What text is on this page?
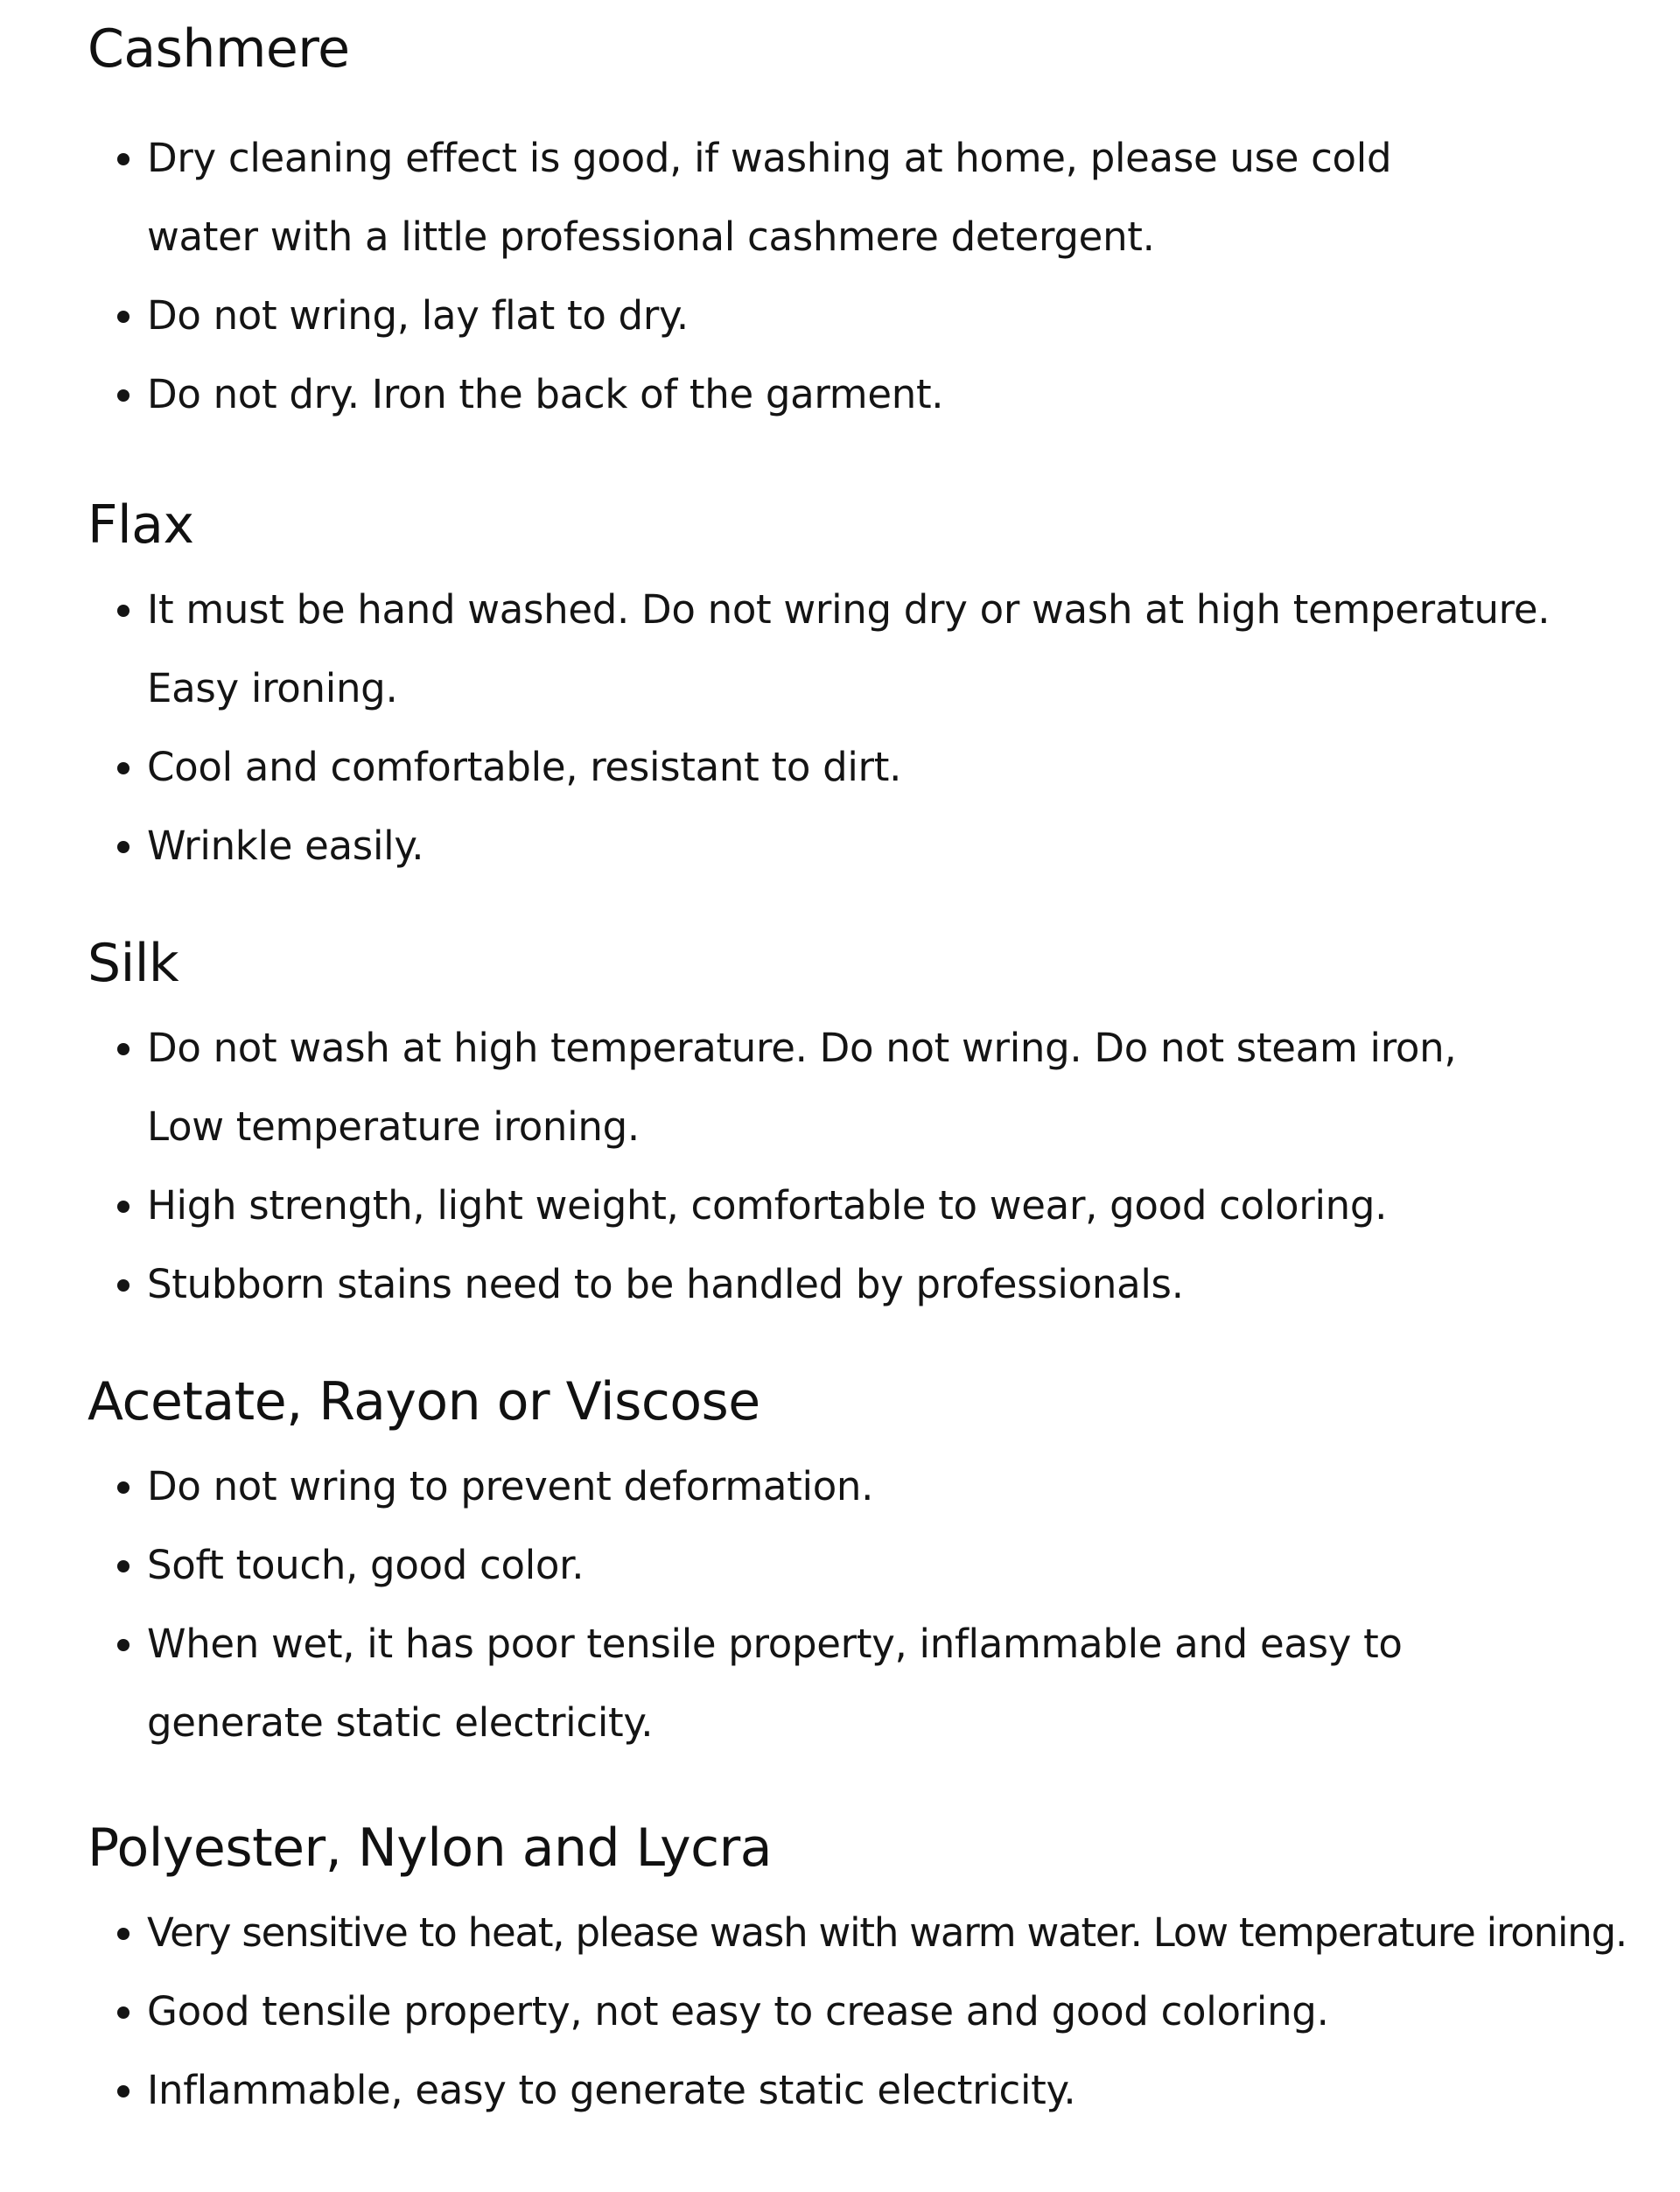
Cashmere
Dry cleaning effect is good, if washing at home, please use cold water with a little professional cashmere detergent.
Do not wring, lay flat to dry.
Do not dry. Iron the back of the garment.
Flax
It must be hand washed. Do not wring dry or wash at high temperature. Easy ironing.
Cool and comfortable, resistant to dirt.
Wrinkle easily.
Silk
Do not wash at high temperature. Do not wring. Do not steam iron, Low temperature ironing.
High strength, light weight, comfortable to wear, good coloring.
Stubborn stains need to be handled by professionals.
Acetate, Rayon or Viscose
Do not wring to prevent deformation.
Soft touch, good color.
When wet, it has poor tensile property, inflammable and easy to generate static electricity.
Polyester, Nylon and Lycra
Very sensitive to heat, please wash with warm water. Low temperature ironing.
Good tensile property, not easy to crease and good coloring.
Inflammable, easy to generate static electricity.
